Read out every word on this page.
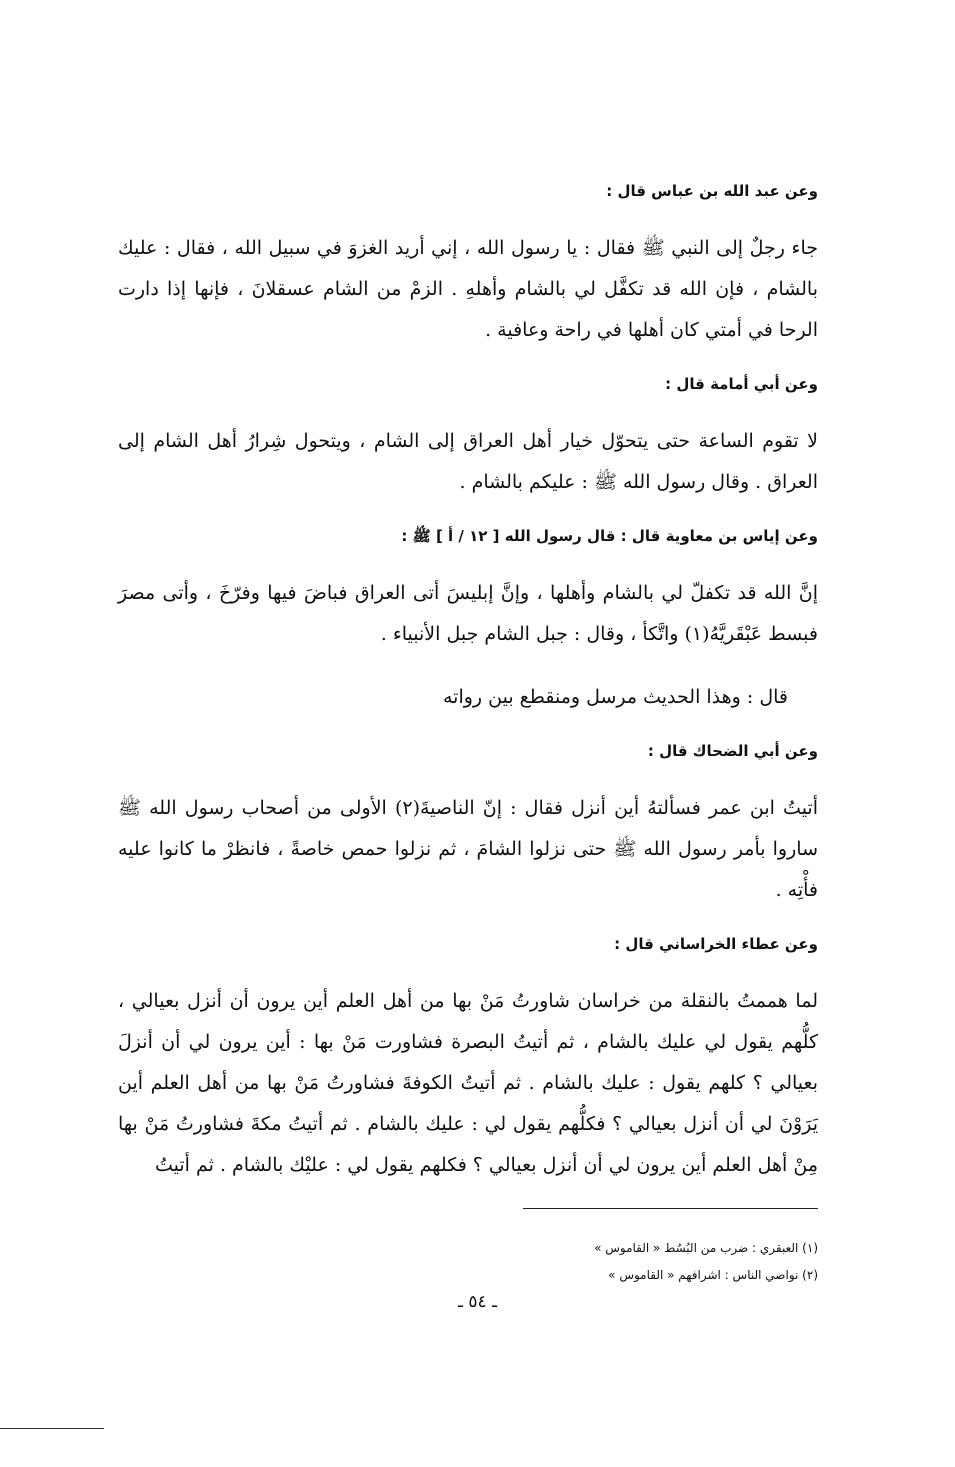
وعن عبد الله بن عباس قال :

جاء رجلٌ إلى النبي ﷺ فقال : يا رسول الله ، إني أريد الغزوَ في سبيل الله ، فقال : عليك بالشام ، فإن الله قد تكفَّل لي بالشام وأهلهِ . الزمْ من الشام عسقلانَ ، فإنها إذا دارت الرحا في أمتي كان أهلها في راحة وعافية .

وعن أبي أمامة قال :

لا تقوم الساعة حتى يتحوّل خيار أهل العراق إلى الشام ، ويتحول شِرارُ أهل الشام إلى العراق . وقال رسول الله ﷺ : عليكم بالشام .

وعن إياس بن معاوية قال : قال رسول الله [ ١٢ / أ ] ﷺ :

إنَّ الله قد تكفلّ لي بالشام وأهلها ، وإنَّ إبليسَ أتى العراق فباضَ فيها وفرّخَ ، وأتى مصرَ فبسط عَبْقَريَّهُ(١) واتَّكأ ، وقال : جبل الشام جبل الأنبياء .

قال : وهذا الحديث مرسل ومنقطع بين رواته

وعن أبي الضحاك قال :

أتيتُ ابن عمر فسألتهُ أين أنزل فقال : إنّ الناصيةَ(٢) الأولى من أصحاب رسول الله ﷺ ساروا بأمر رسول الله ﷺ حتى نزلوا الشامَ ، ثم نزلوا حمص خاصةً ، فانظرْ ما كانوا عليه فأْتِه .

وعن عطاء الخراساني قال :

لما هممتُ بالنقلة من خراسان شاورتُ مَنْ بها من أهل العلم أين يرون أن أنزل بعيالي ، كلُّهم يقول لي عليك بالشام ، ثم أتيتُ البصرة فشاورت مَنْ بها : أين يرون لي أن أنزلَ بعيالي ؟ كلهم يقول : عليك بالشام . ثم أتيتُ الكوفةَ فشاورتُ مَنْ بها من أهل العلم أين يَرَوْنَ لي أن أنزل بعيالي ؟ فكلُّهم يقول لي : عليك بالشام . ثم أتيتُ مكةَ فشاورتُ مَنْ بها مِنْ أهل العلم أين يرون لي أن أنزل بعيالي ؟ فكلهم يقول لي : عليْك بالشام . ثم أتيتُ

(١) العبقري : ضرب من البُسُط « القاموس »

(٢) نواصي الناس : اشرافهم « القاموس »

ـ ٥٤ ـ
